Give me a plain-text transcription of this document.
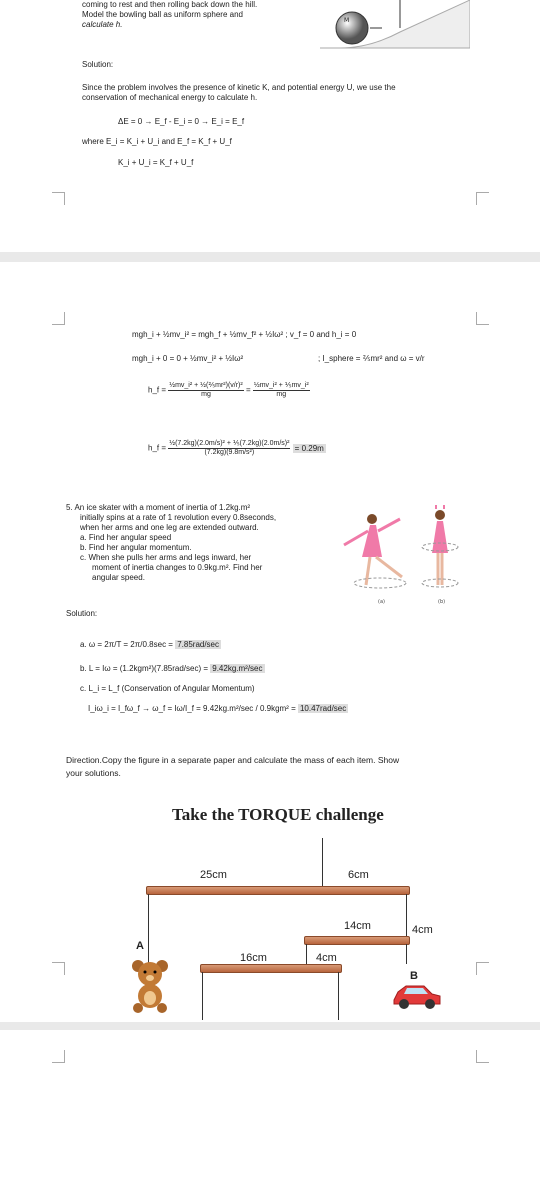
coming to rest and then rolling back down the hill.
Model the bowling ball as uniform sphere and
calculate h.	M
Solution:
Since the problem involves the presence of kinetic K, and potential energy U, we use the
conservation of mechanical energy to calculate h.
ΔE = 0 → E_f - E_i = 0 → E_i = E_f
where E_i = K_i + U_i and E_f = K_f + U_f
K_i + U_i = K_f + U_f
mgh_i + ½mv_i² = mgh_f + ½mv_f² + ½Iω² ; v_f = 0 and h_i = 0
mgh_i + 0 = 0 + ½mv_i² + ½Iω²	; I_sphere = ⅖mr² and ω = v/r
h_f = $\frac{\text{½mv\_i² + ½(⅖mr²)(v/r)²}}{mg} = \frac{\text{½mv\_i² + ⅕mv\_i²}}{mg}$
h_f = $\frac{\text{½(7.2kg)(2.0m/s)² + ⅕(7.2kg)(2.0m/s)²}}{\text{(7.2kg)(9.8m/s²)}} = 0.29m$
5. An ice skater with a moment of inertia of 1.2kg.m²
initially spins at a rate of 1 revolution every 0.8seconds,
when her arms and one leg are extended outward.
a. Find her angular speed
b. Find her angular momentum.
c. When she pulls her arms and legs inward, her
moment of inertia changes to 0.9kg.m². Find her
angular speed.
(a)	(b)
Solution:
a. ω = 2π/T = 2π/0.8sec = 7.85rad/sec
b. L = Iω = (1.2kgm²)(7.85rad/sec) = 9.42kg.m²/sec
c. L_i = L_f (Conservation of Angular Momentum)
I_iω_i = I_fω_f → ω_f = Iω/I_f = 9.42kg.m²/sec / 0.9kgm² = 10.47rad/sec
Direction.Copy the figure in a separate paper and calculate the mass of each item. Show
your solutions.
Take the TORQUE challenge
25cm	6cm
14cm	4cm
16cm	4cm
A
B
